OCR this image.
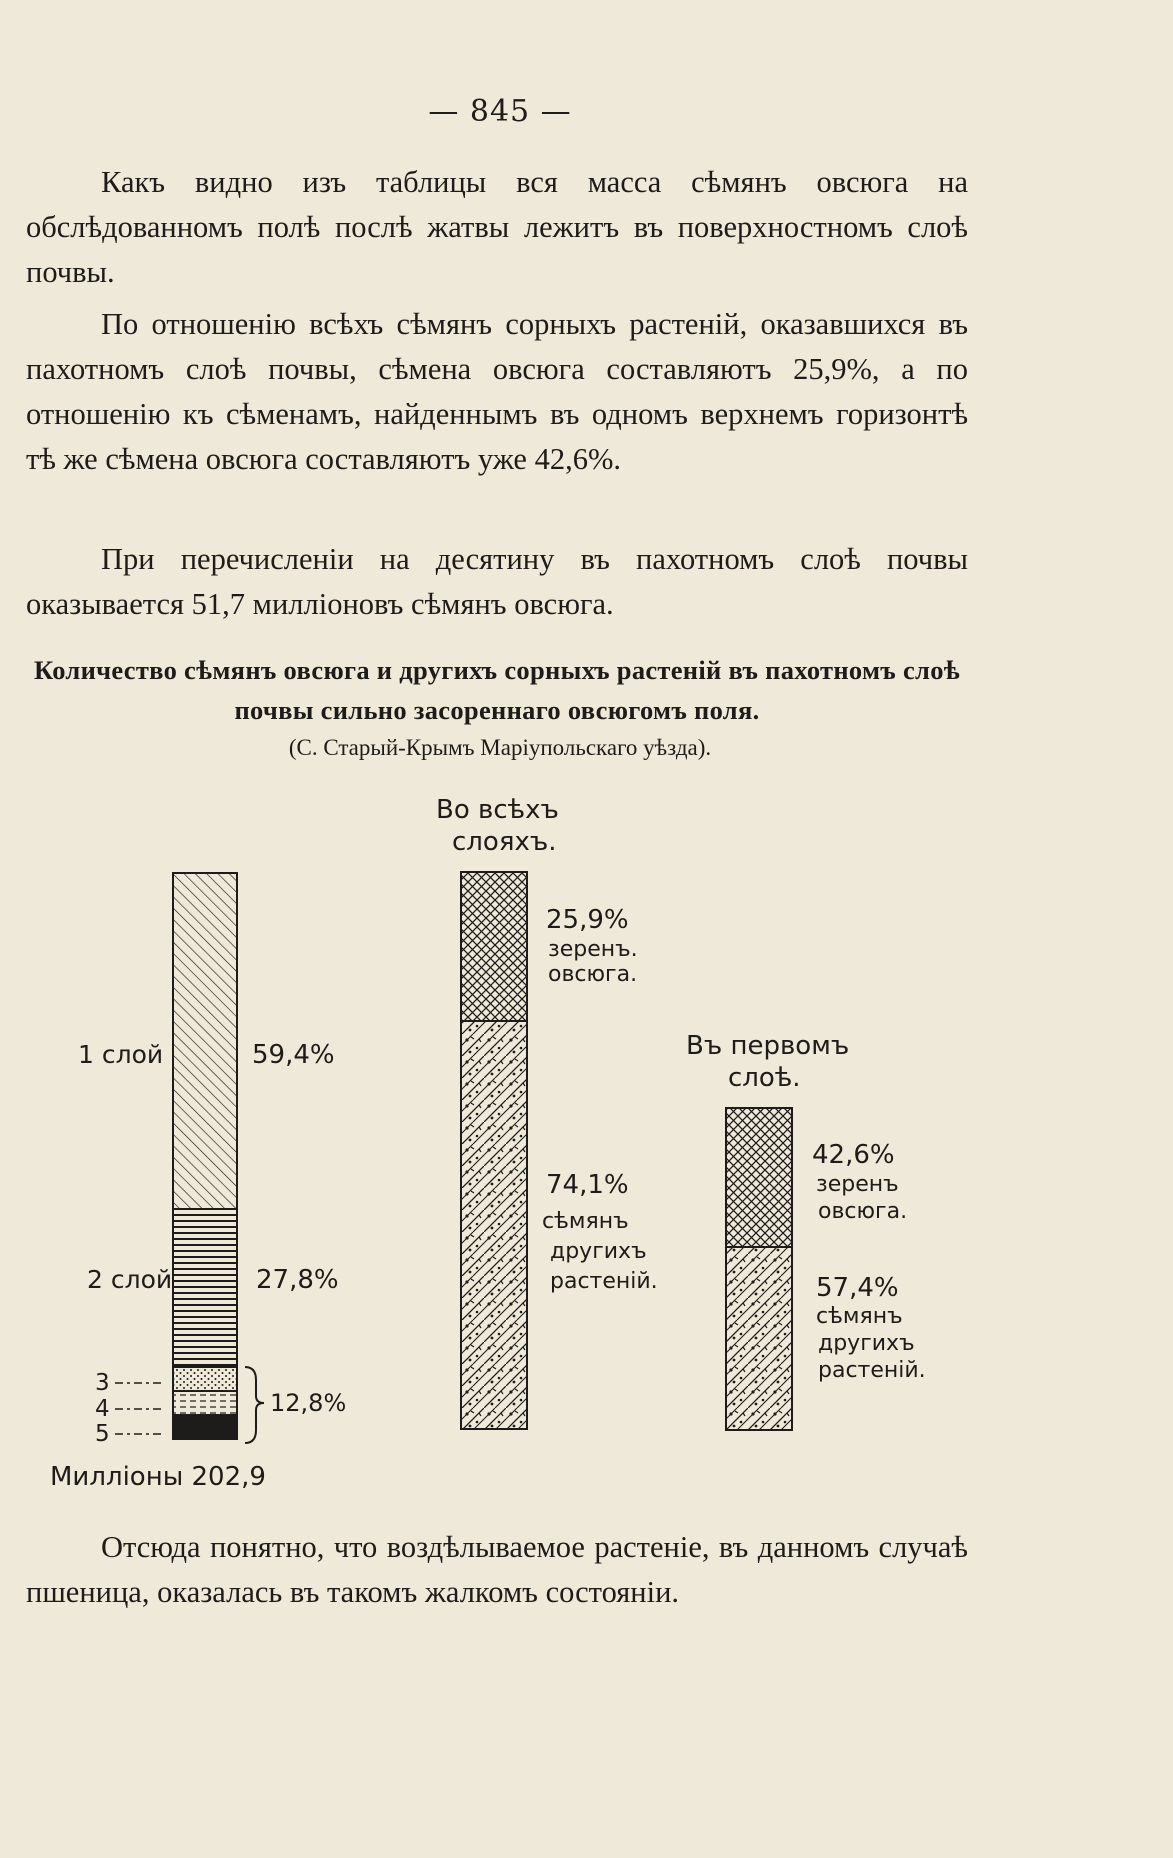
— 845 —

Какъ видно изъ таблицы вся масса сѣмянъ овсюга на обслѣдованномъ полѣ послѣ жатвы лежитъ въ поверхностномъ слоѣ почвы.

По отношенію всѣхъ сѣмянъ сорныхъ растеній, оказавшихся въ пахотномъ слоѣ почвы, сѣмена овсюга составляютъ 25,9%, а по отношенію къ сѣменамъ, найденнымъ въ одномъ верхнемъ горизонтѣ тѣ же сѣмена овсюга составляютъ уже 42,6%.

При перечисленіи на десятину въ пахотномъ слоѣ почвы оказывается 51,7 милліоновъ сѣмянъ овсюга.

Количество сѣмянъ овсюга и другихъ сорныхъ растеній въ пахотномъ слоѣ почвы сильно засореннаго овсюгомъ поля.

(С. Старый-Крымъ Маріупольскаго уѣзда).
1 слой	59,4%
2 слой	27,8%
3
4
5
12,8%
Милліоны 202,9
Во всѣхъ
слояхъ.
25,9%
зеренъ.
овсюга.
74,1%
сѣмянъ
другихъ
растеній.
Въ первомъ
слоѣ.
42,6%
зеренъ
овсюга.
57,4%
сѣмянъ
другихъ
растеній.

Отсюда понятно, что воздѣлываемое растеніе, въ данномъ случаѣ пшеница, оказалась въ такомъ жалкомъ состояніи.
